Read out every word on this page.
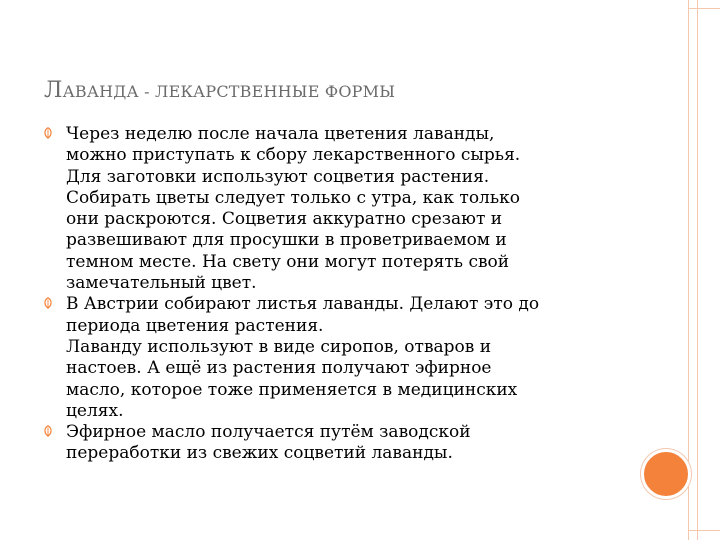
ЛАВАНДА - ЛЕКАРСТВЕННЫЕ ФОРМЫ
Через неделю после начала цветения лаванды,
можно приступать к сбору лекарственного сырья.
Для заготовки используют соцветия растения.
Собирать цветы следует только с утра, как только
они раскроются. Соцветия аккуратно срезают и
развешивают для просушки в проветриваемом и
темном месте. На свету они могут потерять свой
замечательный цвет.
В Австрии собирают листья лаванды. Делают это до
периода цветения растения.
Лаванду используют в виде сиропов, отваров и
настоев. А ещё из растения получают эфирное
масло, которое тоже применяется в медицинских
целях.
Эфирное масло получается путём заводской
переработки из свежих соцветий лаванды.
